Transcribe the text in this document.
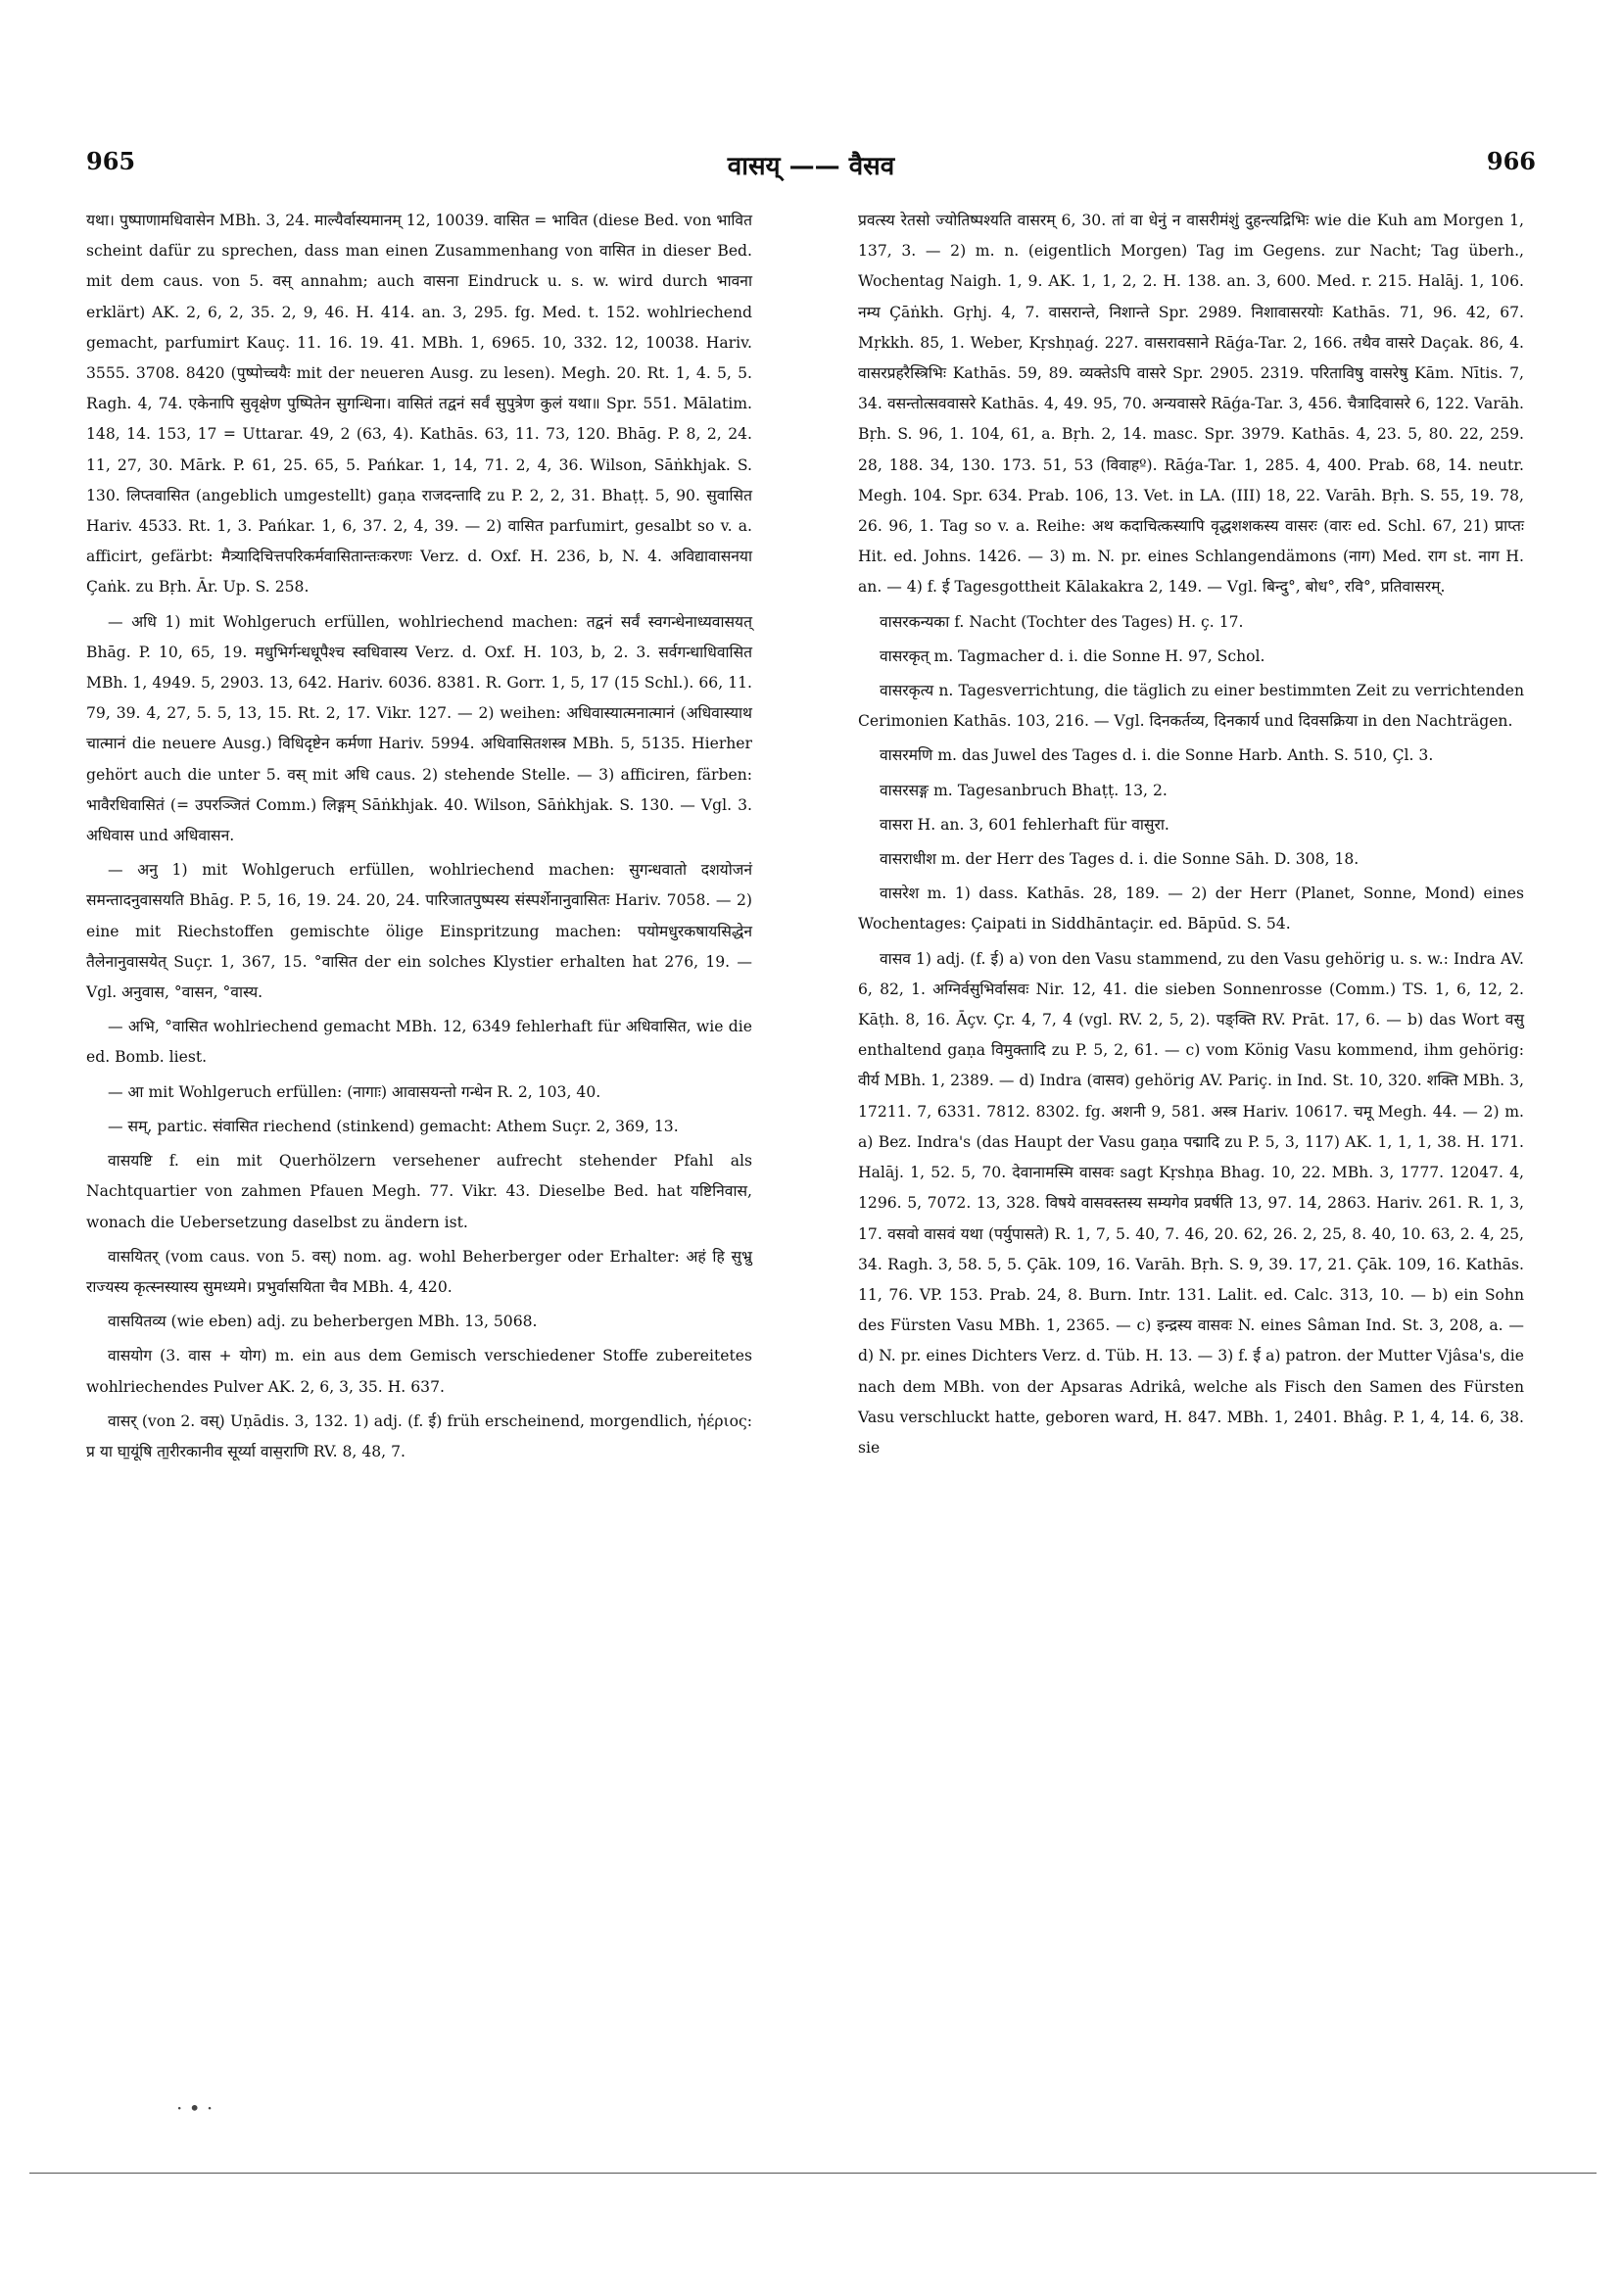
965	वासय् —— वैसव	966

यथा। पुष्पाणामधिवासेन MBh. 3, 24. माल्यैर्वास्यमानम् 12, 10039. वासित = भावित (diese Bed. von भावित scheint dafür zu sprechen, dass man einen Zusammenhang von वासित in dieser Bed. mit dem caus. von 5. वस् annahm; auch वासना Eindruck u. s. w. wird durch भावना erklärt) AK. 2, 6, 2, 35. 2, 9, 46. H. 414. an. 3, 295. fg. Med. t. 152. wohlriechend gemacht, parfumirt Kauç. 11. 16. 19. 41. MBh. 1, 6965. 10, 332. 12, 10038. Hariv. 3555. 3708. 8420 (पुष्पोच्चयैः mit der neueren Ausg. zu lesen). Megh. 20. Rt. 1, 4. 5, 5. Ragh. 4, 74. एकेनापि सुवृक्षेण पुष्पितेन सुगन्धिना। वासितं तद्वनं सर्वं सुपुत्रेण कुलं यथा॥ Spr. 551. Mālatim. 148, 14. 153, 17 = Uttarar. 49, 2 (63, 4). Kathās. 63, 11. 73, 120. Bhāg. P. 8, 2, 24. 11, 27, 30. Mārk. P. 61, 25. 65, 5. Pańkar. 1, 14, 71. 2, 4, 36. Wilson, Sāṅkhjak. S. 130. लिप्तवासित (angeblich umgestellt) gaṇa राजदन्तादि zu P. 2, 2, 31. Bhaṭṭ. 5, 90. सुवासित Hariv. 4533. Rt. 1, 3. Pańkar. 1, 6, 37. 2, 4, 39. — 2) वासित parfumirt, gesalbt so v. a. afficirt, gefärbt: मैत्र्यादिचित्तपरिकर्मवासितान्तःकरणः Verz. d. Oxf. H. 236, b, N. 4. अविद्यावासनया Çaṅk. zu Bṛh. Ār. Up. S. 258.

— अधि 1) mit Wohlgeruch erfüllen, wohlriechend machen: तद्वनं सर्वं स्वगन्धेनाध्यवासयत् Bhāg. P. 10, 65, 19. मधुभिर्गन्धधूपैश्च स्वधिवास्य Verz. d. Oxf. H. 103, b, 2. 3. सर्वगन्धाधिवासित MBh. 1, 4949. 5, 2903. 13, 642. Hariv. 6036. 8381. R. Gorr. 1, 5, 17 (15 Schl.). 66, 11. 79, 39. 4, 27, 5. 5, 13, 15. Rt. 2, 17. Vikr. 127. — 2) weihen: अधिवास्यात्मनात्मानं (अधिवास्याथ चात्मानं die neuere Ausg.) विधिदृष्टेन कर्मणा Hariv. 5994. अधिवासितशस्त्र MBh. 5, 5135. Hierher gehört auch die unter 5. वस् mit अधि caus. 2) stehende Stelle. — 3) afficiren, färben: भावैरधिवासितं (= उपरञ्जितं Comm.) लिङ्गम् Sāṅkhjak. 40. Wilson, Sāṅkhjak. S. 130. — Vgl. 3. अधिवास und अधिवासन.

— अनु 1) mit Wohlgeruch erfüllen, wohlriechend machen: सुगन्धवातो दशयोजनं समन्तादनुवासयति Bhāg. P. 5, 16, 19. 24. 20, 24. पारिजातपुष्पस्य संस्पर्शेनानुवासितः Hariv. 7058. — 2) eine mit Riechstoffen gemischte ölige Einspritzung machen: पयोमधुरकषायसिद्धेन तैलेनानुवासयेत् Suçr. 1, 367, 15. °वासित der ein solches Klystier erhalten hat 276, 19. — Vgl. अनुवास, °वासन, °वास्य.

— अभि, °वासित wohlriechend gemacht MBh. 12, 6349 fehlerhaft für अधिवासित, wie die ed. Bomb. liest.

— आ mit Wohlgeruch erfüllen: (नागाः) आवासयन्तो गन्धेन R. 2, 103, 40.

— सम्, partic. संवासित riechend (stinkend) gemacht: Athem Suçr. 2, 369, 13.

वासयष्टि f. ein mit Querhölzern versehener aufrecht stehender Pfahl als Nachtquartier von zahmen Pfauen Megh. 77. Vikr. 43. Dieselbe Bed. hat यष्टिनिवास, wonach die Uebersetzung daselbst zu ändern ist.

वासयितर् (vom caus. von 5. वस्) nom. ag. wohl Beherberger oder Erhalter: अहं हि सुभ्रु राज्यस्य कृत्स्नस्यास्य सुमध्यमे। प्रभुर्वासयिता चैव MBh. 4, 420.

वासयितव्य (wie eben) adj. zu beherbergen MBh. 13, 5068.

वासयोग (3. वास + योग) m. ein aus dem Gemisch verschiedener Stoffe zubereitetes wohlriechendes Pulver AK. 2, 6, 3, 35. H. 637.

वासर् (von 2. वस्) Uṇādis. 3, 132. 1) adj. (f. ई) früh erscheinend, morgendlich, ἠέριος: प्र या घा॒यूंषि ता॒रीरकानीव सूर्य्या वास॒राणि RV. 8, 48, 7.

प्रवत्स्य रेतसो ज्योतिष्पश्यति वासरम् 6, 30. तां वा धेनुं न वासरीमंशुं दुहन्त्यद्रिभिः wie die Kuh am Morgen 1, 137, 3. — 2) m. n. (eigentlich Morgen) Tag im Gegens. zur Nacht; Tag überh., Wochentag Naigh. 1, 9. AK. 1, 1, 2, 2. H. 138. an. 3, 600. Med. r. 215. Halāj. 1, 106. नम्य Çāṅkh. Gṛhj. 4, 7. वासरान्ते, निशान्ते Spr. 2989. निशावासरयोः Kathās. 71, 96. 42, 67. Mṛkkh. 85, 1. Weber, Kṛshṇaǵ. 227. वासरावसाने Rāǵa-Tar. 2, 166. तथैव वासरे Daçak. 86, 4. वासरप्रहरैस्त्रिभिः Kathās. 59, 89. व्यक्तेऽपि वासरे Spr. 2905. 2319. परिताविषु वासरेषु Kām. Nītis. 7, 34. वसन्तोत्सववासरे Kathās. 4, 49. 95, 70. अन्यवासरे Rāǵa-Tar. 3, 456. चैत्रादिवासरे 6, 122. Varāh. Bṛh. S. 96, 1. 104, 61, a. Bṛh. 2, 14. masc. Spr. 3979. Kathās. 4, 23. 5, 80. 22, 259. 28, 188. 34, 130. 173. 51, 53 (विवाहº). Rāǵa-Tar. 1, 285. 4, 400. Prab. 68, 14. neutr. Megh. 104. Spr. 634. Prab. 106, 13. Vet. in LA. (III) 18, 22. Varāh. Bṛh. S. 55, 19. 78, 26. 96, 1. Tag so v. a. Reihe: अथ कदाचित्कस्यापि वृद्धशशकस्य वासरः (वारः ed. Schl. 67, 21) प्राप्तः Hit. ed. Johns. 1426. — 3) m. N. pr. eines Schlangendämons (नाग) Med. राग st. नाग H. an. — 4) f. ई Tagesgottheit Kālakakra 2, 149. — Vgl. बिन्दु°, बोध°, रवि°, प्रतिवासरम्.

वासरकन्यका f. Nacht (Tochter des Tages) H. ç. 17.

वासरकृत् m. Tagmacher d. i. die Sonne H. 97, Schol.

वासरकृत्य n. Tagesverrichtung, die täglich zu einer bestimmten Zeit zu verrichtenden Cerimonien Kathās. 103, 216. — Vgl. दिनकर्तव्य, दिनकार्य und दिवसक्रिया in den Nachträgen.

वासरमणि m. das Juwel des Tages d. i. die Sonne Harb. Anth. S. 510, Çl. 3.

वासरसङ्ग m. Tagesanbruch Bhaṭṭ. 13, 2.

वासरा H. an. 3, 601 fehlerhaft für वासुरा.

वासराधीश m. der Herr des Tages d. i. die Sonne Sāh. D. 308, 18.

वासरेश m. 1) dass. Kathās. 28, 189. — 2) der Herr (Planet, Sonne, Mond) eines Wochentages: Çaipati in Siddhāntaçir. ed. Bāpūd. S. 54.

वासव 1) adj. (f. ई) a) von den Vasu stammend, zu den Vasu gehörig u. s. w.: Indra AV. 6, 82, 1. अग्निर्वसुभिर्वासवः Nir. 12, 41. die sieben Sonnenrosse (Comm.) TS. 1, 6, 12, 2. Kāṭh. 8, 16. Āçv. Çr. 4, 7, 4 (vgl. RV. 2, 5, 2). पङ्क्ति RV. Prāt. 17, 6. — b) das Wort वसु enthaltend gaṇa विमुक्तादि zu P. 5, 2, 61. — c) vom König Vasu kommend, ihm gehörig: वीर्य MBh. 1, 2389. — d) Indra (वासव) gehörig AV. Pariç. in Ind. St. 10, 320. शक्ति MBh. 3, 17211. 7, 6331. 7812. 8302. fg. अशनी 9, 581. अस्त्र Hariv. 10617. चमू Megh. 44. — 2) m. a) Bez. Indra's (das Haupt der Vasu gaṇa पद्मादि zu P. 5, 3, 117) AK. 1, 1, 1, 38. H. 171. Halāj. 1, 52. 5, 70. देवानामस्मि वासवः sagt Kṛshṇa Bhag. 10, 22. MBh. 3, 1777. 12047. 4, 1296. 5, 7072. 13, 328. विषये वासवस्तस्य सम्यगेव प्रवर्षति 13, 97. 14, 2863. Hariv. 261. R. 1, 3, 17. वसवो वासवं यथा (पर्युपासते) R. 1, 7, 5. 40, 7. 46, 20. 62, 26. 2, 25, 8. 40, 10. 63, 2. 4, 25, 34. Ragh. 3, 58. 5, 5. Çāk. 109, 16. Varāh. Bṛh. S. 9, 39. 17, 21. Çāk. 109, 16. Kathās. 11, 76. VP. 153. Prab. 24, 8. Burn. Intr. 131. Lalit. ed. Calc. 313, 10. — b) ein Sohn des Fürsten Vasu MBh. 1, 2365. — c) इन्द्रस्य वासवः N. eines Sâman Ind. St. 3, 208, a. — d) N. pr. eines Dichters Verz. d. Tüb. H. 13. — 3) f. ई a) patron. der Mutter Vjâsa's, die nach dem MBh. von der Apsaras Adrikâ, welche als Fisch den Samen des Fürsten Vasu verschluckt hatte, geboren ward, H. 847. MBh. 1, 2401. Bhâg. P. 1, 4, 14. 6, 38. sie

· • ·
